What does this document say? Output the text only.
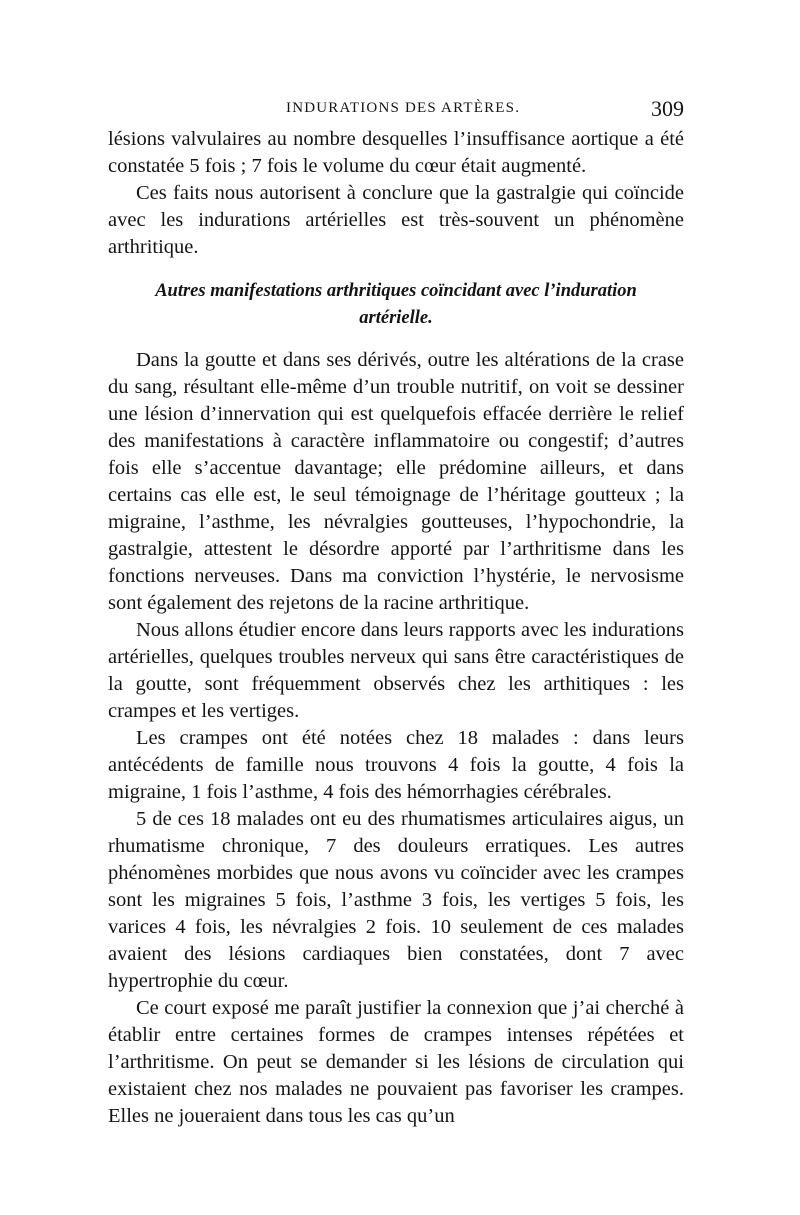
INDURATIONS DES ARTÈRES.	309

lésions valvulaires au nombre desquelles l’insuffisance aortique a été constatée 5 fois ; 7 fois le volume du cœur était augmenté.

Ces faits nous autorisent à conclure que la gastralgie qui coïncide avec les indurations artérielles est très-souvent un phénomène arthritique.

Autres manifestations arthritiques coïncidant avec l’induration artérielle.

Dans la goutte et dans ses dérivés, outre les altérations de la crase du sang, résultant elle-même d’un trouble nutritif, on voit se dessiner une lésion d’innervation qui est quelquefois effacée derrière le relief des manifestations à caractère inflammatoire ou congestif; d’autres fois elle s’accentue davantage; elle prédomine ailleurs, et dans certains cas elle est, le seul témoignage de l’héritage goutteux ; la migraine, l’asthme, les névralgies goutteuses, l’hypochondrie, la gastralgie, attestent le désordre apporté par l’arthritisme dans les fonctions nerveuses. Dans ma conviction l’hystérie, le nervosisme sont également des rejetons de la racine arthritique.

Nous allons étudier encore dans leurs rapports avec les indurations artérielles, quelques troubles nerveux qui sans être caractéristiques de la goutte, sont fréquemment observés chez les arthitiques : les crampes et les vertiges.

Les crampes ont été notées chez 18 malades : dans leurs antécédents de famille nous trouvons 4 fois la goutte, 4 fois la migraine, 1 fois l’asthme, 4 fois des hémorrhagies cérébrales.

5 de ces 18 malades ont eu des rhumatismes articulaires aigus, un rhumatisme chronique, 7 des douleurs erratiques. Les autres phénomènes morbides que nous avons vu coïncider avec les crampes sont les migraines 5 fois, l’asthme 3 fois, les vertiges 5 fois, les varices 4 fois, les névralgies 2 fois. 10 seulement de ces malades avaient des lésions cardiaques bien constatées, dont 7 avec hypertrophie du cœur.

Ce court exposé me paraît justifier la connexion que j’ai cherché à établir entre certaines formes de crampes intenses répétées et l’arthritisme. On peut se demander si les lésions de circulation qui existaient chez nos malades ne pouvaient pas favoriser les crampes. Elles ne joueraient dans tous les cas qu’un
